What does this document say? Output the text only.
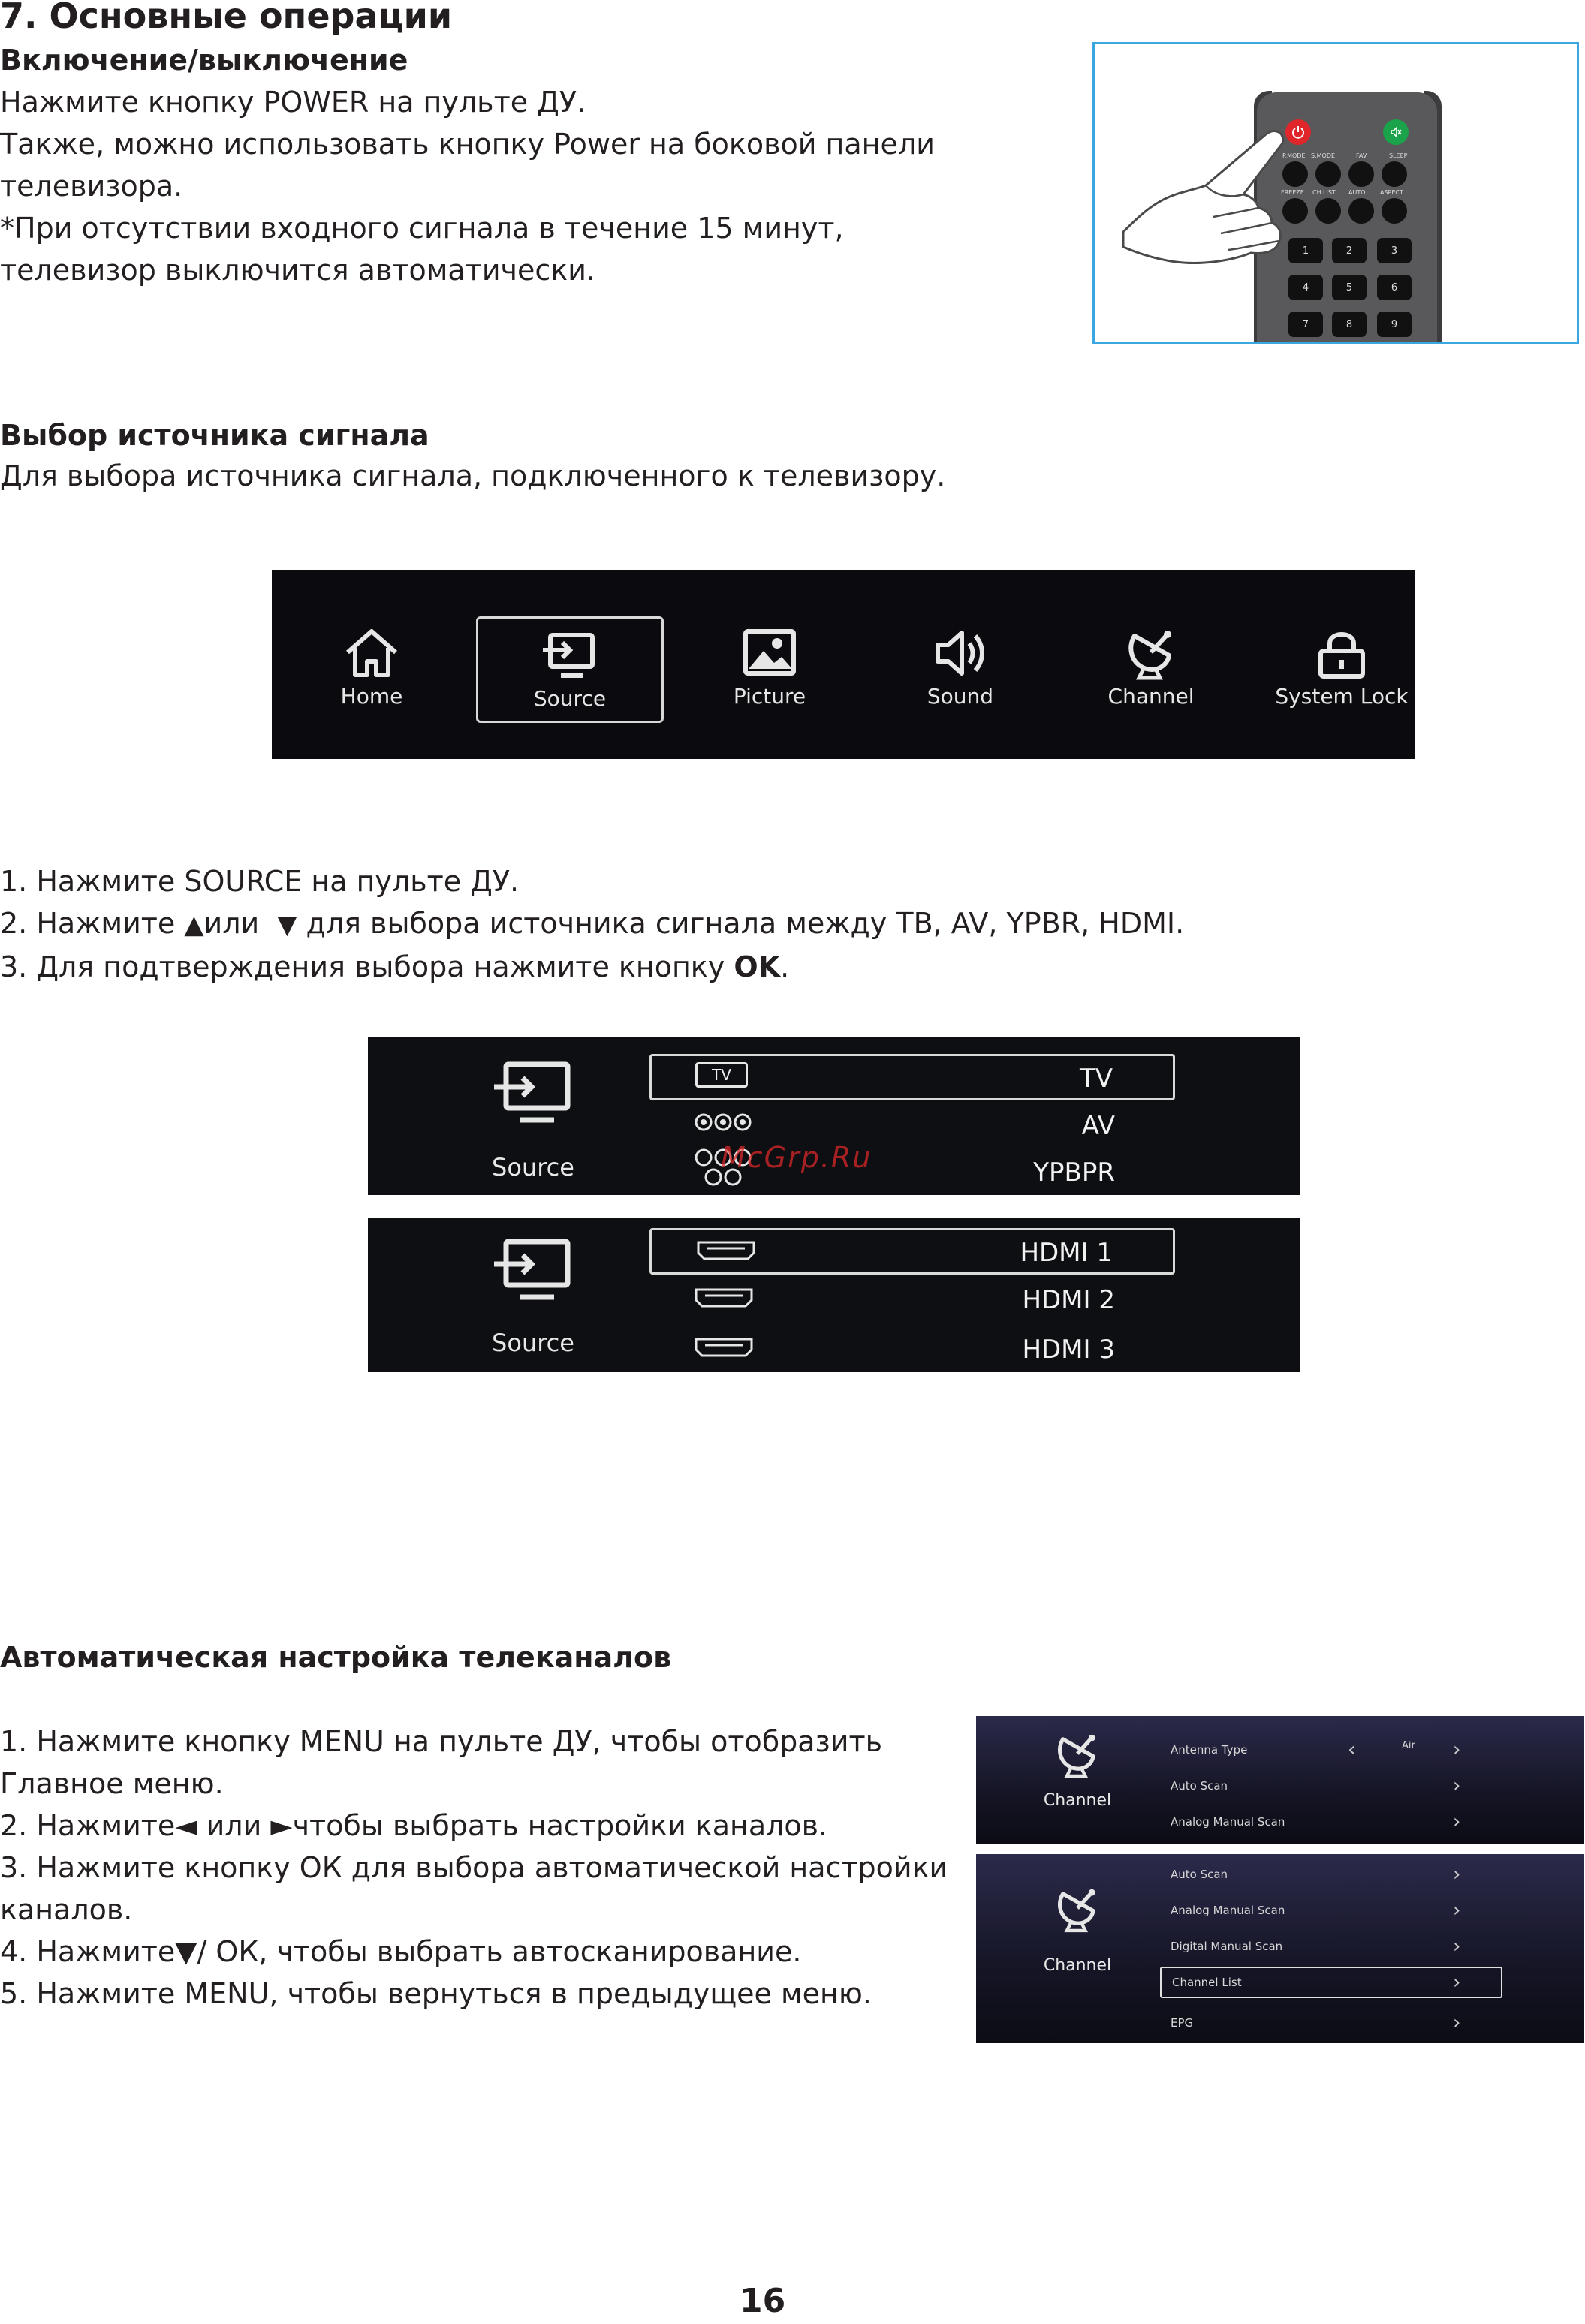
7. Основные операции
Включение/выключение
Нажмите кнопку POWER на пульте ДУ.
Также, можно использовать кнопку Power на боковой панели
телевизора.
*При отсутствии входного сигнала в течение 15 минут,
телевизор выключится автоматически.
P.MODE S.MODE	FAV	SLEEP
FREEZE CH.LIST AUTO ASPECT
1	2	3
4	5	6
7	8	9
Выбор источника сигнала
Для выбора источника сигнала, подключенного к телевизору.
Home	Source	Picture	Sound	Channel	System Lock
1. Нажмите SOURCE на пульте ДУ.
2. Нажмите ▲или ▼ для выбора источника сигнала между ТВ, AV, YPBR, HDMI.
3. Для подтверждения выбора нажмите кнопку OK.
Source
TV	TV
AV
YPBPR
McGrp.Ru
Source
HDMI 1
HDMI 2
HDMI 3
Автоматическая настройка телеканалов
1. Нажмите кнопку MENU на пульте ДУ, чтобы отобразить
Главное меню.
2. Нажмите◄ или ►чтобы выбрать настройки каналов.
3. Нажмите кнопку ОК для выбора автоматической настройки
каналов.
4. Нажмите▼/ ОК, чтобы выбрать автосканирование.
5. Нажмите MENU, чтобы вернуться в предыдущее меню.
Channel
Antenna Type	‹	Air ›
Auto Scan	›
Analog Manual Scan	›
Channel
Auto Scan	›
Analog Manual Scan	›
Digital Manual Scan	›
Channel List	›
EPG	›
16
